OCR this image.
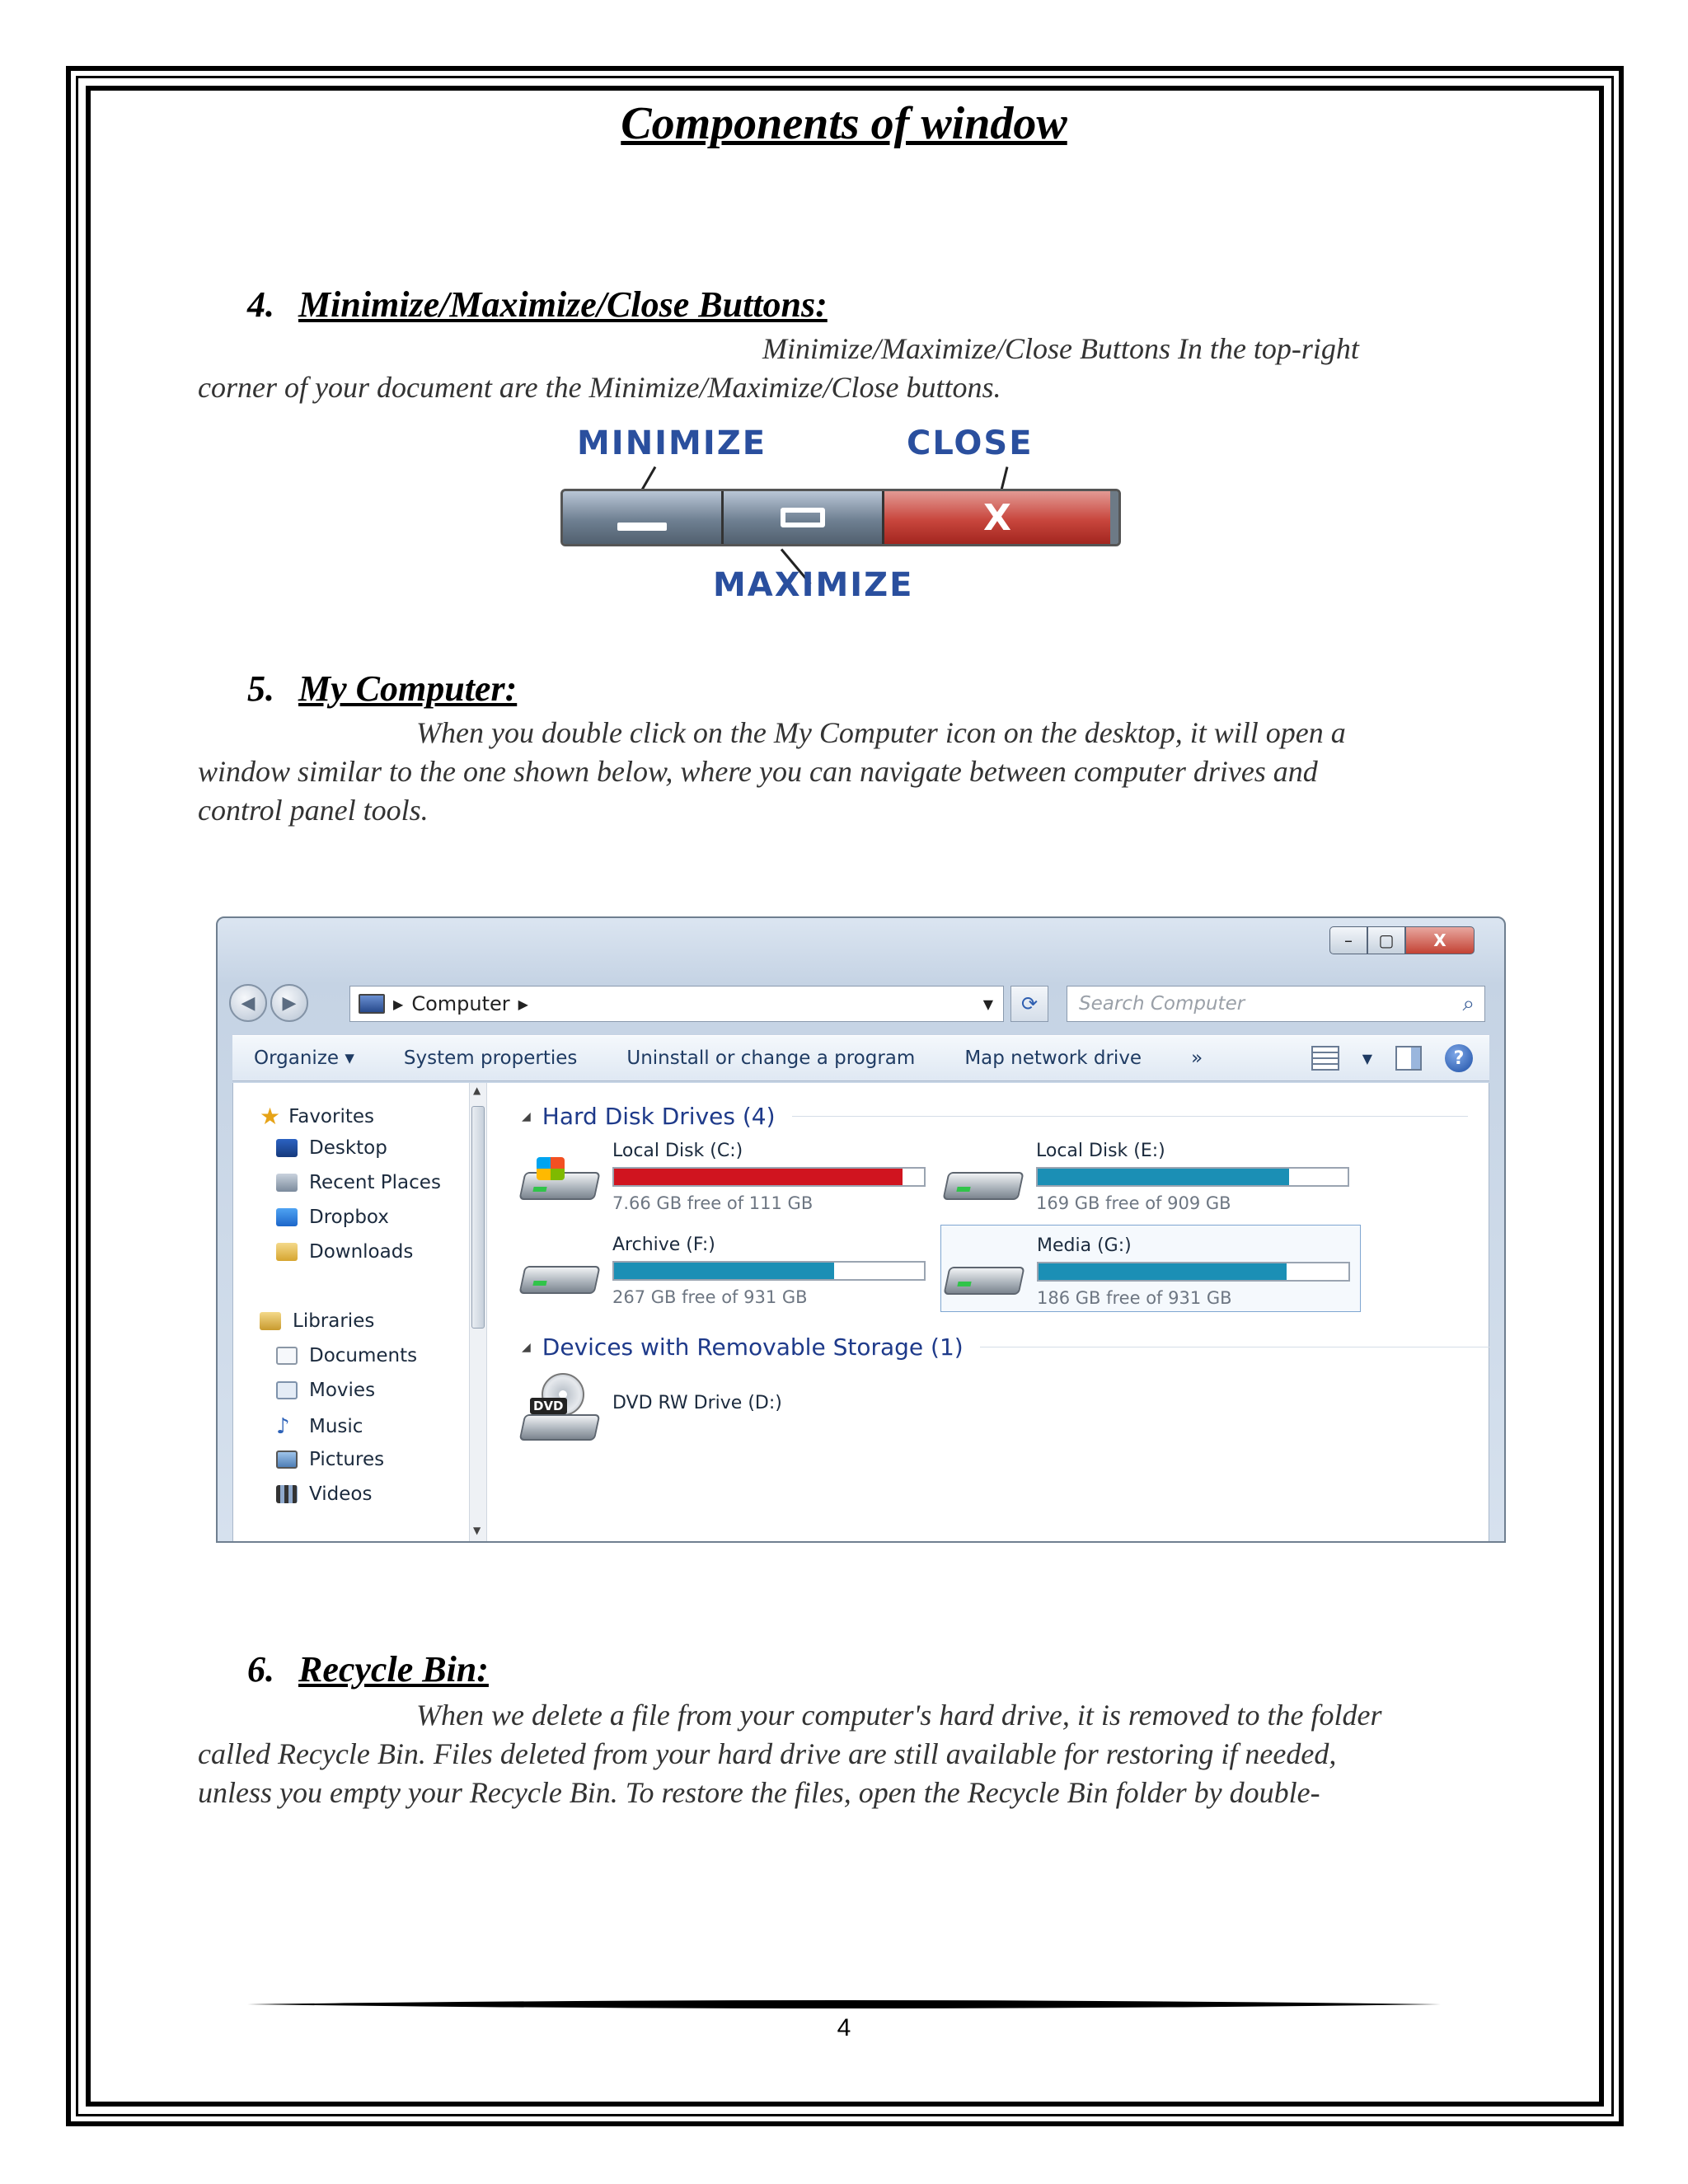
Components of window
4. Minimize/Maximize/Close Buttons:
Minimize/Maximize/Close Buttons In the top-right
corner of your document are the Minimize/Maximize/Close buttons.
MINIMIZE	CLOSE
X
MAXIMIZE
5. My Computer:
When you double click on the My Computer icon on the desktop, it will open a
window similar to the one shown below, where you can navigate between computer drives and
control panel tools.
–	▢	X
◀ ▶	▶ Computer ▶	▼ ⟳ Search Computer	⌕
Organize ▾	System properties	Uninstall or change a program	Map network drive	»	▼	?
★ Favorites
Desktop
Recent Places
Dropbox
Downloads
Libraries
Documents
Movies
♪	Music
Pictures
Videos
▲
▼
◢ Hard Disk Drives (4)
Local Disk (C:)
7.66 GB free of 111 GB
Local Disk (E:)
169 GB free of 909 GB
Archive (F:)
267 GB free of 931 GB
Media (G:)
186 GB free of 931 GB
◢ Devices with Removable Storage (1)
DVD	DVD RW Drive (D:)
6. Recycle Bin:
When we delete a file from your computer's hard drive, it is removed to the folder
called Recycle Bin. Files deleted from your hard drive are still available for restoring if needed,
unless you empty your Recycle Bin. To restore the files, open the Recycle Bin folder by double-
4
